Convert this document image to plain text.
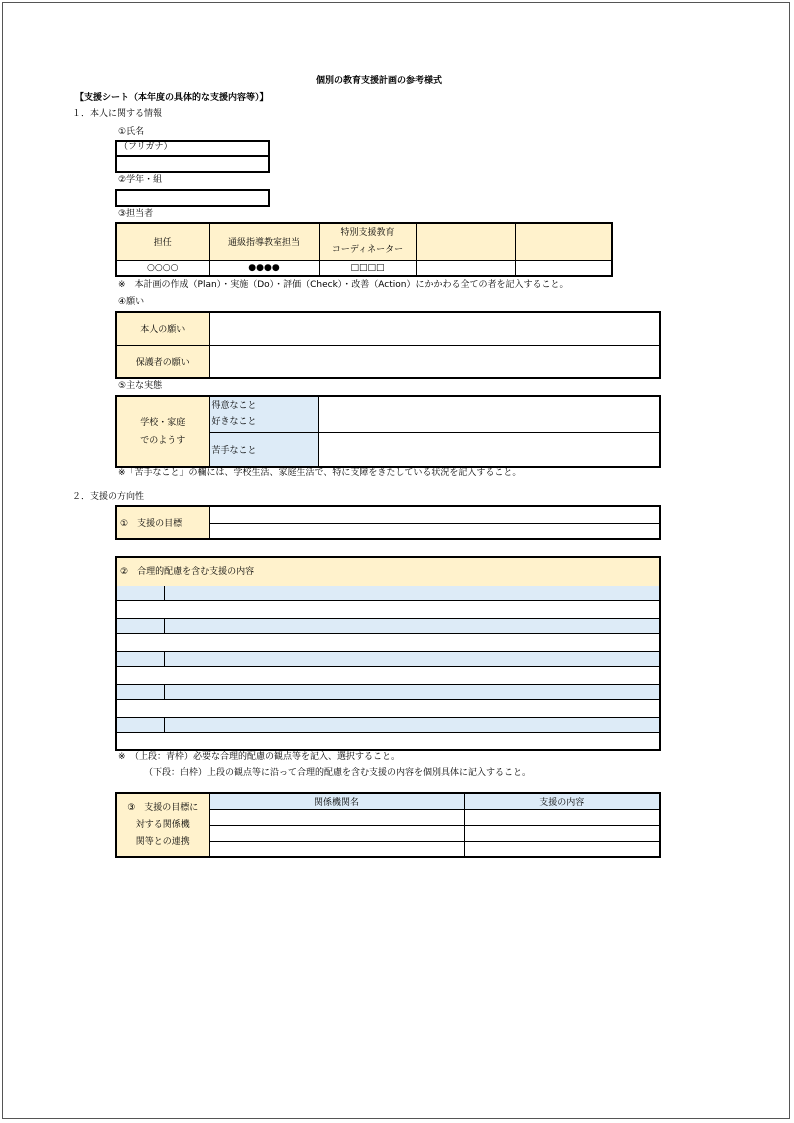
個別の教育支援計画の参考様式
【支援シート（本年度の具体的な支援内容等）】
１．本人に関する情報
①氏名
（フリガナ）
②学年・組
③担当者
担任	通級指導教室担当	特別支援教育
コーディネーター		
○○○○	●●●●	□□□□		
※　本計画の作成（Plan）・実施（Do）・評価（Check）・改善（Action）にかかわる全ての者を記入すること。
④願い
本人の願い	
保護者の願い	
⑤主な実態
学校・家庭
でのようす	得意なこと
好きなこと	
	苦手なこと	
※「苦手なこと」の欄には、学校生活、家庭生活で、特に支障をきたしている状況を記入すること。
２．支援の方向性
①　支援の目標	

②　合理的配慮を含む支援の内容
※　（上段：青枠）必要な合理的配慮の観点等を記入、選択すること。
（下段：白枠）上段の観点等に沿って合理的配慮を含む支援の内容を個別具体に記入すること。
③　支援の目標に
対する関係機
関等との連携	関係機関名	支援の内容
